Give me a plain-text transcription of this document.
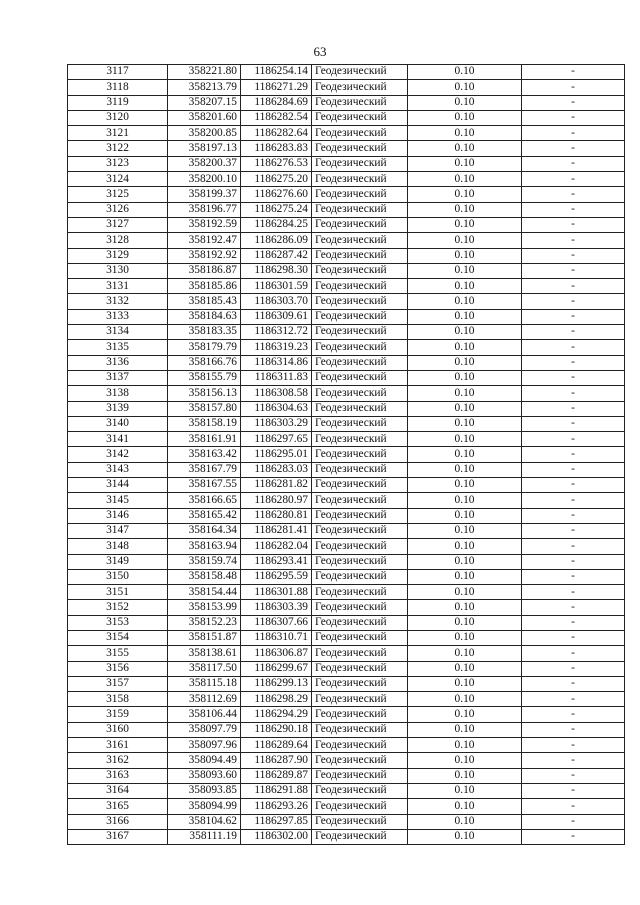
63
3117	358221.80	1186254.14	Геодезический	0.10	-
3118	358213.79	1186271.29	Геодезический	0.10	-
3119	358207.15	1186284.69	Геодезический	0.10	-
3120	358201.60	1186282.54	Геодезический	0.10	-
3121	358200.85	1186282.64	Геодезический	0.10	-
3122	358197.13	1186283.83	Геодезический	0.10	-
3123	358200.37	1186276.53	Геодезический	0.10	-
3124	358200.10	1186275.20	Геодезический	0.10	-
3125	358199.37	1186276.60	Геодезический	0.10	-
3126	358196.77	1186275.24	Геодезический	0.10	-
3127	358192.59	1186284.25	Геодезический	0.10	-
3128	358192.47	1186286.09	Геодезический	0.10	-
3129	358192.92	1186287.42	Геодезический	0.10	-
3130	358186.87	1186298.30	Геодезический	0.10	-
3131	358185.86	1186301.59	Геодезический	0.10	-
3132	358185.43	1186303.70	Геодезический	0.10	-
3133	358184.63	1186309.61	Геодезический	0.10	-
3134	358183.35	1186312.72	Геодезический	0.10	-
3135	358179.79	1186319.23	Геодезический	0.10	-
3136	358166.76	1186314.86	Геодезический	0.10	-
3137	358155.79	1186311.83	Геодезический	0.10	-
3138	358156.13	1186308.58	Геодезический	0.10	-
3139	358157.80	1186304.63	Геодезический	0.10	-
3140	358158.19	1186303.29	Геодезический	0.10	-
3141	358161.91	1186297.65	Геодезический	0.10	-
3142	358163.42	1186295.01	Геодезический	0.10	-
3143	358167.79	1186283.03	Геодезический	0.10	-
3144	358167.55	1186281.82	Геодезический	0.10	-
3145	358166.65	1186280.97	Геодезический	0.10	-
3146	358165.42	1186280.81	Геодезический	0.10	-
3147	358164.34	1186281.41	Геодезический	0.10	-
3148	358163.94	1186282.04	Геодезический	0.10	-
3149	358159.74	1186293.41	Геодезический	0.10	-
3150	358158.48	1186295.59	Геодезический	0.10	-
3151	358154.44	1186301.88	Геодезический	0.10	-
3152	358153.99	1186303.39	Геодезический	0.10	-
3153	358152.23	1186307.66	Геодезический	0.10	-
3154	358151.87	1186310.71	Геодезический	0.10	-
3155	358138.61	1186306.87	Геодезический	0.10	-
3156	358117.50	1186299.67	Геодезический	0.10	-
3157	358115.18	1186299.13	Геодезический	0.10	-
3158	358112.69	1186298.29	Геодезический	0.10	-
3159	358106.44	1186294.29	Геодезический	0.10	-
3160	358097.79	1186290.18	Геодезический	0.10	-
3161	358097.96	1186289.64	Геодезический	0.10	-
3162	358094.49	1186287.90	Геодезический	0.10	-
3163	358093.60	1186289.87	Геодезический	0.10	-
3164	358093.85	1186291.88	Геодезический	0.10	-
3165	358094.99	1186293.26	Геодезический	0.10	-
3166	358104.62	1186297.85	Геодезический	0.10	-
3167	358111.19	1186302.00	Геодезический	0.10	-
